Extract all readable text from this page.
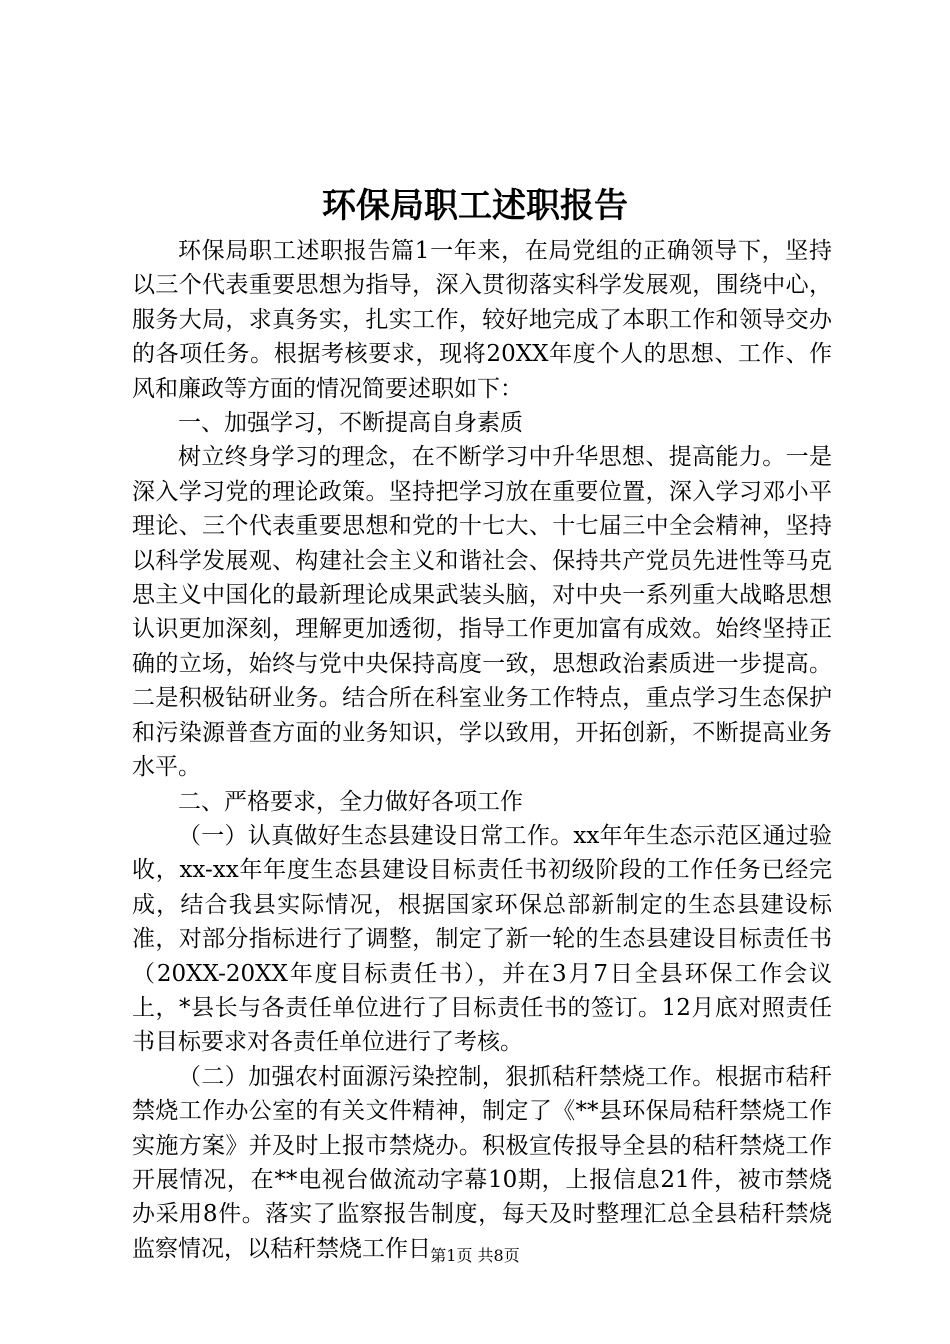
环保局职工述职报告

环保局职工述职报告篇1一年来，在局党组的正确领导下，坚持以三个代表重要思想为指导，深入贯彻落实科学发展观，围绕中心，服务大局，求真务实，扎实工作，较好地完成了本职工作和领导交办的各项任务。根据考核要求，现将20XX年度个人的思想、工作、作风和廉政等方面的情况简要述职如下：

一、加强学习，不断提高自身素质

树立终身学习的理念，在不断学习中升华思想、提高能力。一是深入学习党的理论政策。坚持把学习放在重要位置，深入学习邓小平理论、三个代表重要思想和党的十七大、十七届三中全会精神，坚持以科学发展观、构建社会主义和谐社会、保持共产党员先进性等马克思主义中国化的最新理论成果武装头脑，对中央一系列重大战略思想认识更加深刻，理解更加透彻，指导工作更加富有成效。始终坚持正确的立场，始终与党中央保持高度一致，思想政治素质进一步提高。二是积极钻研业务。结合所在科室业务工作特点，重点学习生态保护和污染源普查方面的业务知识，学以致用，开拓创新，不断提高业务水平。

二、严格要求，全力做好各项工作

（一）认真做好生态县建设日常工作。xx年年生态示范区通过验收，xx-xx年年度生态县建设目标责任书初级阶段的工作任务已经完成，结合我县实际情况，根据国家环保总部新制定的生态县建设标准，对部分指标进行了调整，制定了新一轮的生态县建设目标责任书（20XX-20XX年度目标责任书），并在3月7日全县环保工作会议上，*县长与各责任单位进行了目标责任书的签订。12月底对照责任书目标要求对各责任单位进行了考核。

（二）加强农村面源污染控制，狠抓秸秆禁烧工作。根据市秸秆禁烧工作办公室的有关文件精神，制定了《**县环保局秸秆禁烧工作实施方案》并及时上报市禁烧办。积极宣传报导全县的秸秆禁烧工作开展情况，在**电视台做流动字幕10期，上报信息21件，被市禁烧办采用8件。落实了监察报告制度，每天及时整理汇总全县秸秆禁烧监察情况，以秸秆禁烧工作日 第1页 共8页
